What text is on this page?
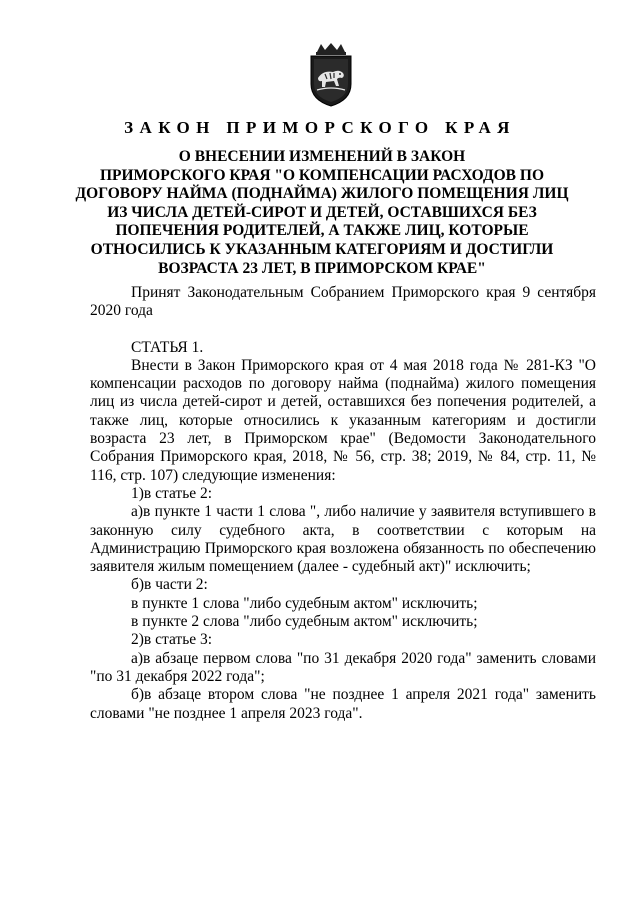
ЗАКОН ПРИМОРСКОГО КРАЯ
О ВНЕСЕНИИ ИЗМЕНЕНИЙ В ЗАКОН
ПРИМОРСКОГО КРАЯ "О КОМПЕНСАЦИИ РАСХОДОВ ПО
ДОГОВОРУ НАЙМА (ПОДНАЙМА) ЖИЛОГО ПОМЕЩЕНИЯ ЛИЦ
ИЗ ЧИСЛА ДЕТЕЙ-СИРОТ И ДЕТЕЙ, ОСТАВШИХСЯ БЕЗ
ПОПЕЧЕНИЯ РОДИТЕЛЕЙ, А ТАКЖЕ ЛИЦ, КОТОРЫЕ
ОТНОСИЛИСЬ К УКАЗАННЫМ КАТЕГОРИЯМ И ДОСТИГЛИ
ВОЗРАСТА 23 ЛЕТ, В ПРИМОРСКОМ КРАЕ"

Принят Законодательным Собранием Приморского края 9 сентября 2020 года

СТАТЬЯ 1.

Внести в Закон Приморского края от 4 мая 2018 года № 281-КЗ "О компенсации расходов по договору найма (поднайма) жилого помещения лиц из числа детей-сирот и детей, оставшихся без попечения родителей, а также лиц, которые относились к указанным категориям и достигли возраста 23 лет, в Приморском крае" (Ведомости Законодательного Собрания Приморского края, 2018, № 56, стр. 38; 2019, № 84, стр. 11, № 116, стр. 107) следующие изменения:

1)в статье 2:

а)в пункте 1 части 1 слова ", либо наличие у заявителя вступившего в законную силу судебного акта, в соответствии с которым на Администрацию Приморского края возложена обязанность по обеспечению заявителя жилым помещением (далее - судебный акт)" исключить;

б)в части 2:

в пункте 1 слова "либо судебным актом" исключить;

в пункте 2 слова "либо судебным актом" исключить;

2)в статье 3:

а)в абзаце первом слова "по 31 декабря 2020 года" заменить словами "по 31 декабря 2022 года";

б)в абзаце втором слова "не позднее 1 апреля 2021 года" заменить словами "не позднее 1 апреля 2023 года".
